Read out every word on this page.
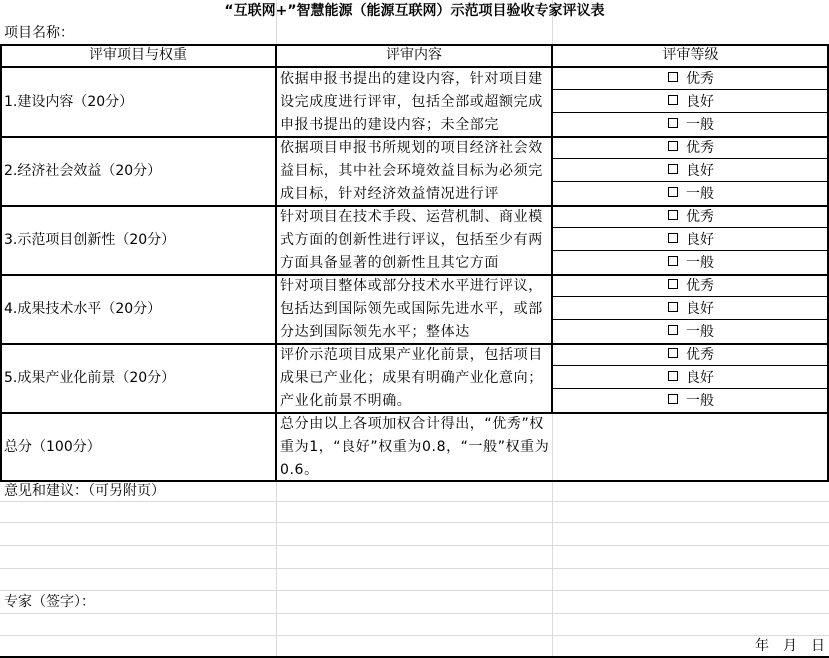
“互联网+”智慧能源（能源互联网）示范项目验收专家评议表
项目名称：
评审项目与权重	评审内容	评审等级
1.建设内容（20分）
依据申报书提出的建设内容，针对项目建设完成度进行评审，包括全部或超额完成申报书提出的建设内容；未全部完
优秀
良好
一般
2.经济社会效益（20分）
依据项目申报书所规划的项目经济社会效益目标，其中社会环境效益目标为必须完成目标，针对经济效益情况进行评
优秀
良好
一般
3.示范项目创新性（20分）
针对项目在技术手段、运营机制、商业模式方面的创新性进行评议，包括至少有两方面具备显著的创新性且其它方面
优秀
良好
一般
4.成果技术水平（20分）
针对项目整体或部分技术水平进行评议，包括达到国际领先或国际先进水平，或部分达到国际领先水平；整体达
优秀
良好
一般
5.成果产业化前景（20分）
评价示范项目成果产业化前景，包括项目成果已产业化；成果有明确产业化意向；产业化前景不明确。
优秀
良好
一般
总分（100分）
总分由以上各项加权合计得出，“优秀”权重为1，“良好”权重为0.8，“一般”权重为0.6。
意见和建议：（可另附页）
专家（签字）：
年　月　日
